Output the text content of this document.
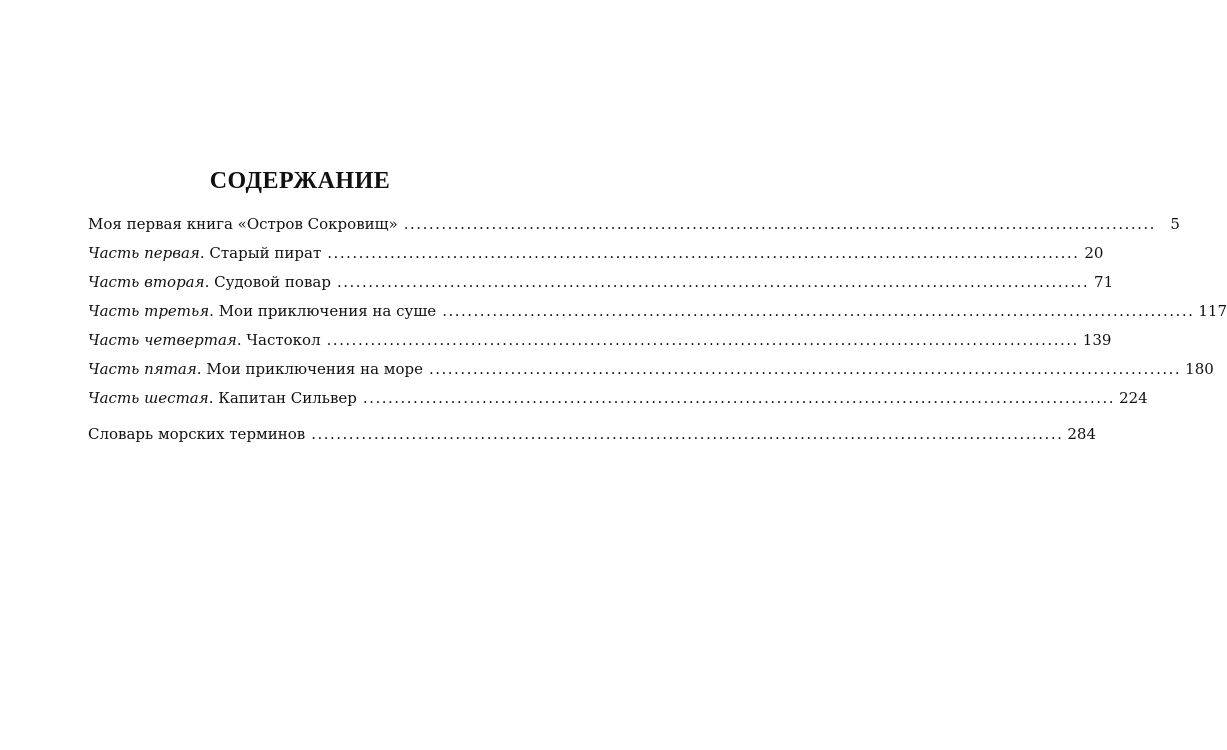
СОДЕРЖАНИЕ
Моя первая книга «Остров Сокровищ» ........................................................................................................................ 5
Часть первая. Старый пират ........................................................................................................................ 20
Часть вторая. Судовой повар ........................................................................................................................ 71
Часть третья. Мои приключения на суше ........................................................................................................................ 117
Часть четвертая. Частокол ........................................................................................................................ 139
Часть пятая. Мои приключения на море ........................................................................................................................ 180
Часть шестая. Капитан Сильвер ........................................................................................................................ 224
Словарь морских терминов ........................................................................................................................ 284
